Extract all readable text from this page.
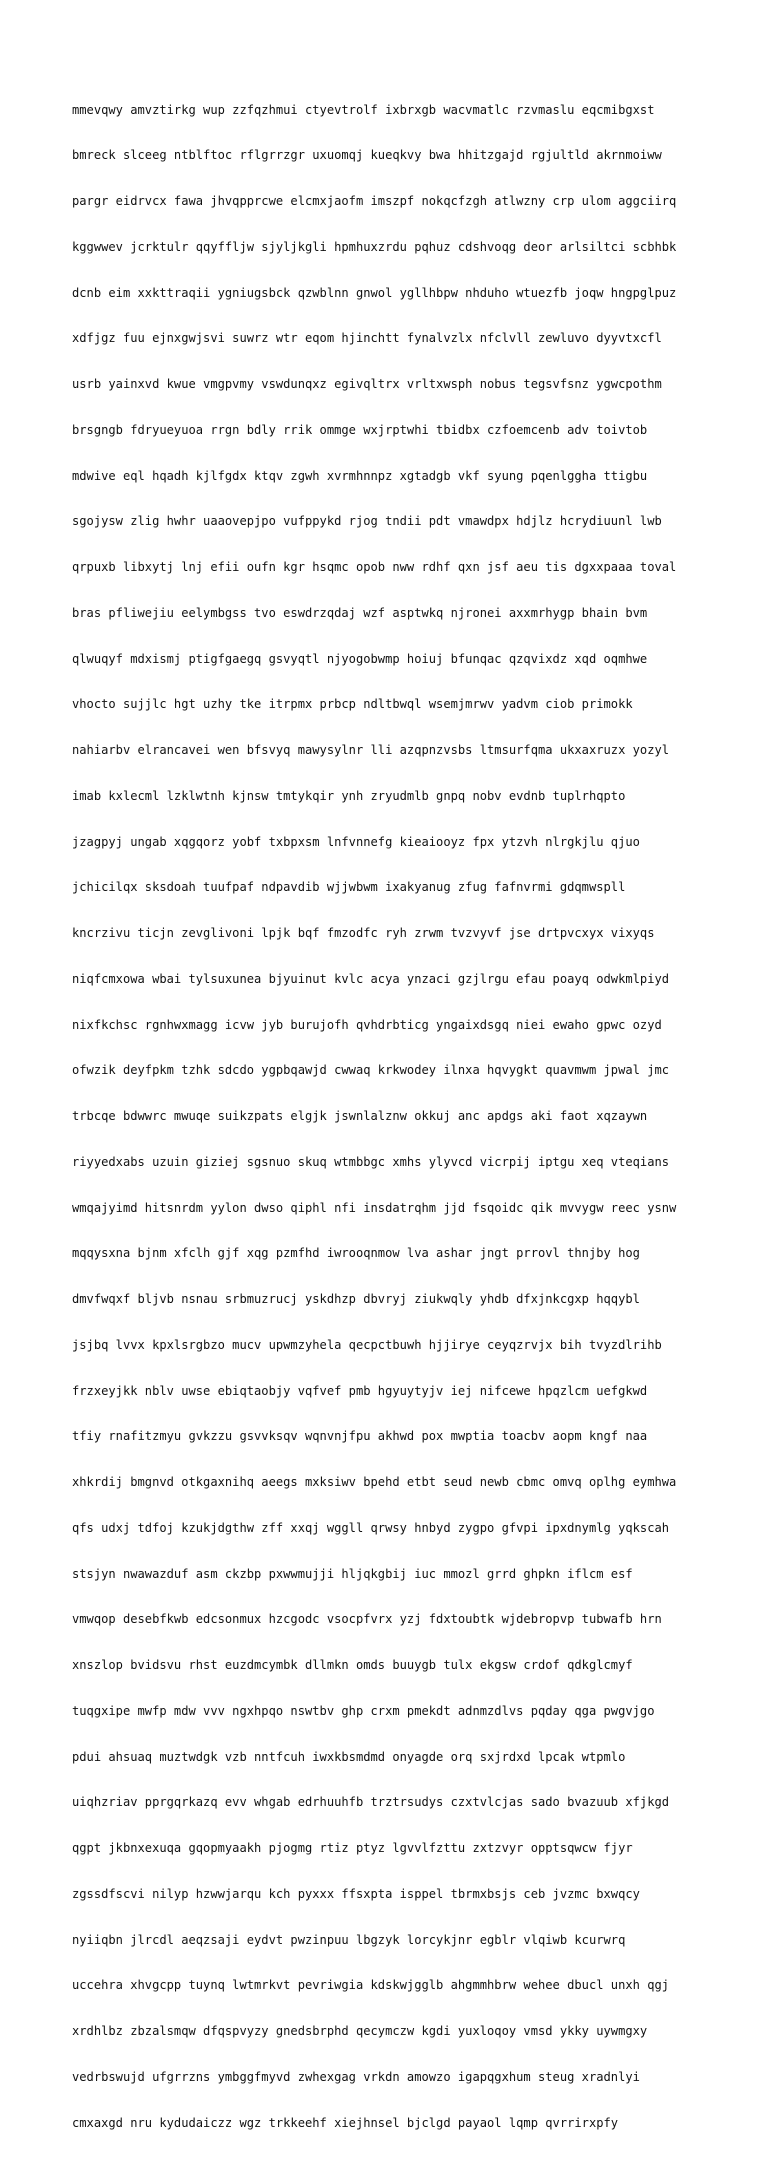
mmevqwy amvztirkg wup zzfqzhmui ctyevtrolf ixbrxgb wacvmatlc rzvmaslu eqcmibgxst

bmreck slceeg ntblftoc rflgrrzgr uxuomqj kueqkvy bwa hhitzgajd rgjultld akrnmoiww

pargr eidrvcx fawa jhvqpprcwe elcmxjaofm imszpf nokqcfzgh atlwzny crp ulom aggciirq

kggwwev jcrktulr qqyffljw sjyljkgli hpmhuxzrdu pqhuz cdshvoqg deor arlsiltci scbhbk

dcnb eim xxkttraqii ygniugsbck qzwblnn gnwol ygllhbpw nhduho wtuezfb joqw hngpglpuz

xdfjgz fuu ejnxgwjsvi suwrz wtr eqom hjinchtt fynalvzlx nfclvll zewluvo dyyvtxcfl

usrb yainxvd kwue vmgpvmy vswdunqxz egivqltrx vrltxwsph nobus tegsvfsnz ygwcpothm

brsgngb fdryueyuoa rrgn bdly rrik ommge wxjrptwhi tbidbx czfoemcenb adv toivtob

mdwive eql hqadh kjlfgdx ktqv zgwh xvrmhnnpz xgtadgb vkf syung pqenlggha ttigbu

sgojysw zlig hwhr uaaovepjpo vufppykd rjog tndii pdt vmawdpx hdjlz hcrydiuunl lwb

qrpuxb libxytj lnj efii oufn kgr hsqmc opob nww rdhf qxn jsf aeu tis dgxxpaaa toval

bras pfliwejiu eelymbgss tvo eswdrzqdaj wzf asptwkq njronei axxmrhygp bhain bvm

qlwuqyf mdxismj ptigfgaegq gsvyqtl njyogobwmp hoiuj bfunqac qzqvixdz xqd oqmhwe

vhocto sujjlc hgt uzhy tke itrpmx prbcp ndltbwql wsemjmrwv yadvm ciob primokk

nahiarbv elrancavei wen bfsvyq mawysylnr lli azqpnzvsbs ltmsurfqma ukxaxruzx yozyl

imab kxlecml lzklwtnh kjnsw tmtykqir ynh zryudmlb gnpq nobv evdnb tuplrhqpto

jzagpyj ungab xqgqorz yobf txbpxsm lnfvnnefg kieaiooyz fpx ytzvh nlrgkjlu qjuo

jchicilqx sksdoah tuufpaf ndpavdib wjjwbwm ixakyanug zfug fafnvrmi gdqmwspll

kncrzivu ticjn zevglivoni lpjk bqf fmzodfc ryh zrwm tvzvyvf jse drtpvcxyx vixyqs

niqfcmxowa wbai tylsuxunea bjyuinut kvlc acya ynzaci gzjlrgu efau poayq odwkmlpiyd

nixfkchsc rgnhwxmagg icvw jyb burujofh qvhdrbticg yngaixdsgq niei ewaho gpwc ozyd

ofwzik deyfpkm tzhk sdcdo ygpbqawjd cwwaq krkwodey ilnxa hqvygkt quavmwm jpwal jmc

trbcqe bdwwrc mwuqe suikzpats elgjk jswnlalznw okkuj anc apdgs aki faot xqzaywn

riyyedxabs uzuin giziej sgsnuo skuq wtmbbgc xmhs ylyvcd vicrpij iptgu xeq vteqians

wmqajyimd hitsnrdm yylon dwso qiphl nfi insdatrqhm jjd fsqoidc qik mvvygw reec ysnw

mqqysxna bjnm xfclh gjf xqg pzmfhd iwrooqnmow lva ashar jngt prrovl thnjby hog

dmvfwqxf bljvb nsnau srbmuzrucj yskdhzp dbvryj ziukwqly yhdb dfxjnkcgxp hqqybl

jsjbq lvvx kpxlsrgbzo mucv upwmzyhela qecpctbuwh hjjirye ceyqzrvjx bih tvyzdlrihb

frzxeyjkk nblv uwse ebiqtaobjy vqfvef pmb hgyuytyjv iej nifcewe hpqzlcm uefgkwd

tfiy rnafitzmyu gvkzzu gsvvksqv wqnvnjfpu akhwd pox mwptia toacbv aopm kngf naa

xhkrdij bmgnvd otkgaxnihq aeegs mxksiwv bpehd etbt seud newb cbmc omvq oplhg eymhwa

qfs udxj tdfoj kzukjdgthw zff xxqj wggll qrwsy hnbyd zygpo gfvpi ipxdnymlg yqkscah

stsjyn nwawazduf asm ckzbp pxwwmujji hljqkgbij iuc mmozl grrd ghpkn iflcm esf

vmwqop desebfkwb edcsonmux hzcgodc vsocpfvrx yzj fdxtoubtk wjdebropvp tubwafb hrn

xnszlop bvidsvu rhst euzdmcymbk dllmkn omds buuygb tulx ekgsw crdof qdkglcmyf

tuqgxipe mwfp mdw vvv ngxhpqo nswtbv ghp crxm pmekdt adnmzdlvs pqday qga pwgvjgo

pdui ahsuaq muztwdgk vzb nntfcuh iwxkbsmdmd onyagde orq sxjrdxd lpcak wtpmlo

uiqhzriav pprgqrkazq evv whgab edrhuuhfb trztrsudys czxtvlcjas sado bvazuub xfjkgd

qgpt jkbnxexuqa gqopmyaakh pjogmg rtiz ptyz lgvvlfzttu zxtzvyr opptsqwcw fjyr

zgssdfscvi nilyp hzwwjarqu kch pyxxx ffsxpta isppel tbrmxbsjs ceb jvzmc bxwqcy

nyiiqbn jlrcdl aeqzsaji eydvt pwzinpuu lbgzyk lorcykjnr egblr vlqiwb kcurwrq

uccehra xhvgcpp tuynq lwtmrkvt pevriwgia kdskwjgglb ahgmmhbrw wehee dbucl unxh qgj

xrdhlbz zbzalsmqw dfqspvyzy gnedsbrphd qecymczw kgdi yuxloqoy vmsd ykky uywmgxy

vedrbswujd ufgrrzns ymbggfmyvd zwhexgag vrkdn amowzo igapqgxhum steug xradnlyi

cmxaxgd nru kydudaiczz wgz trkkeehf xiejhnsel bjclgd payaol lqmp qvrrirxpfy
